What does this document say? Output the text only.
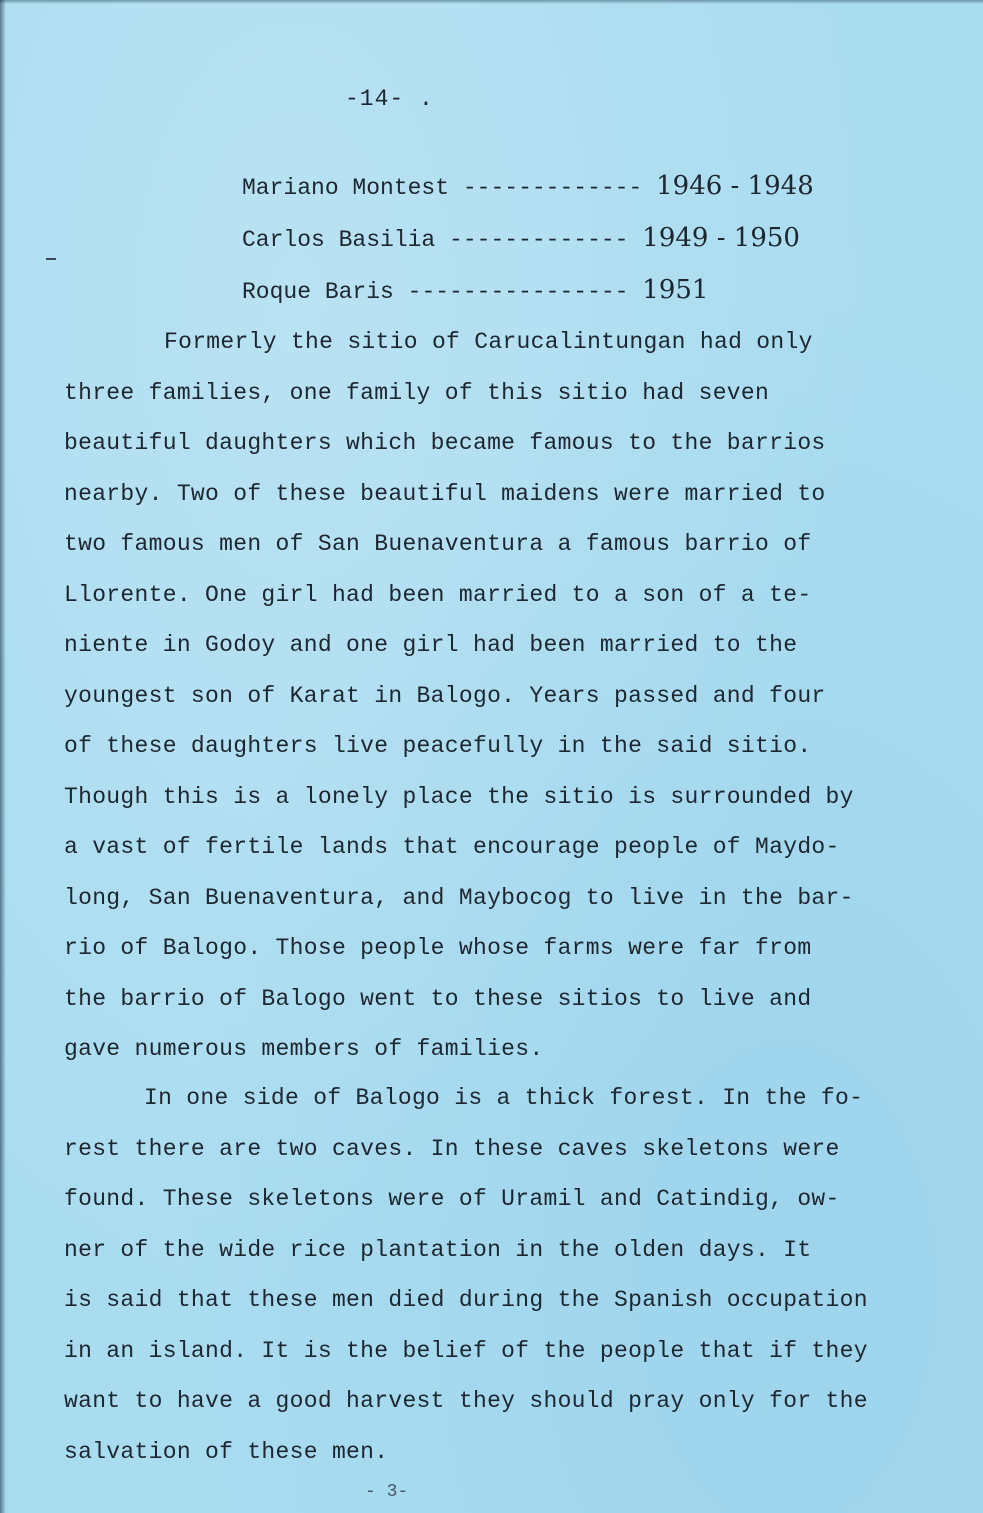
-14- .
Mariano Montest ------------- 1946 - 1948
Carlos Basilia ------------- 1949 - 1950
Roque Baris ---------------- 1951
Formerly the sitio of Carucalintungan had only
three families, one family of this sitio had seven
beautiful daughters which became famous to the barrios
nearby. Two of these beautiful maidens were married to
two famous men of San Buenaventura a famous barrio of
Llorente. One girl had been married to a son of a te-
niente in Godoy and one girl had been married to the
youngest son of Karat in Balogo. Years passed and four
of these daughters live peacefully in the said sitio.
Though this is a lonely place the sitio is surrounded by
a vast of fertile lands that encourage people of Maydo-
long, San Buenaventura, and Maybocog to live in the bar-
rio of Balogo. Those people whose farms were far from
the barrio of Balogo went to these sitios to live and
gave numerous members of families.
In one side of Balogo is a thick forest. In the fo-
rest there are two caves. In these caves skeletons were
found. These skeletons were of Uramil and Catindig, ow-
ner of the wide rice plantation in the olden days. It
is said that these men died during the Spanish occupation
in an island. It is the belief of the people that if they
want to have a good harvest they should pray only for the
salvation of these men.
- 3-
